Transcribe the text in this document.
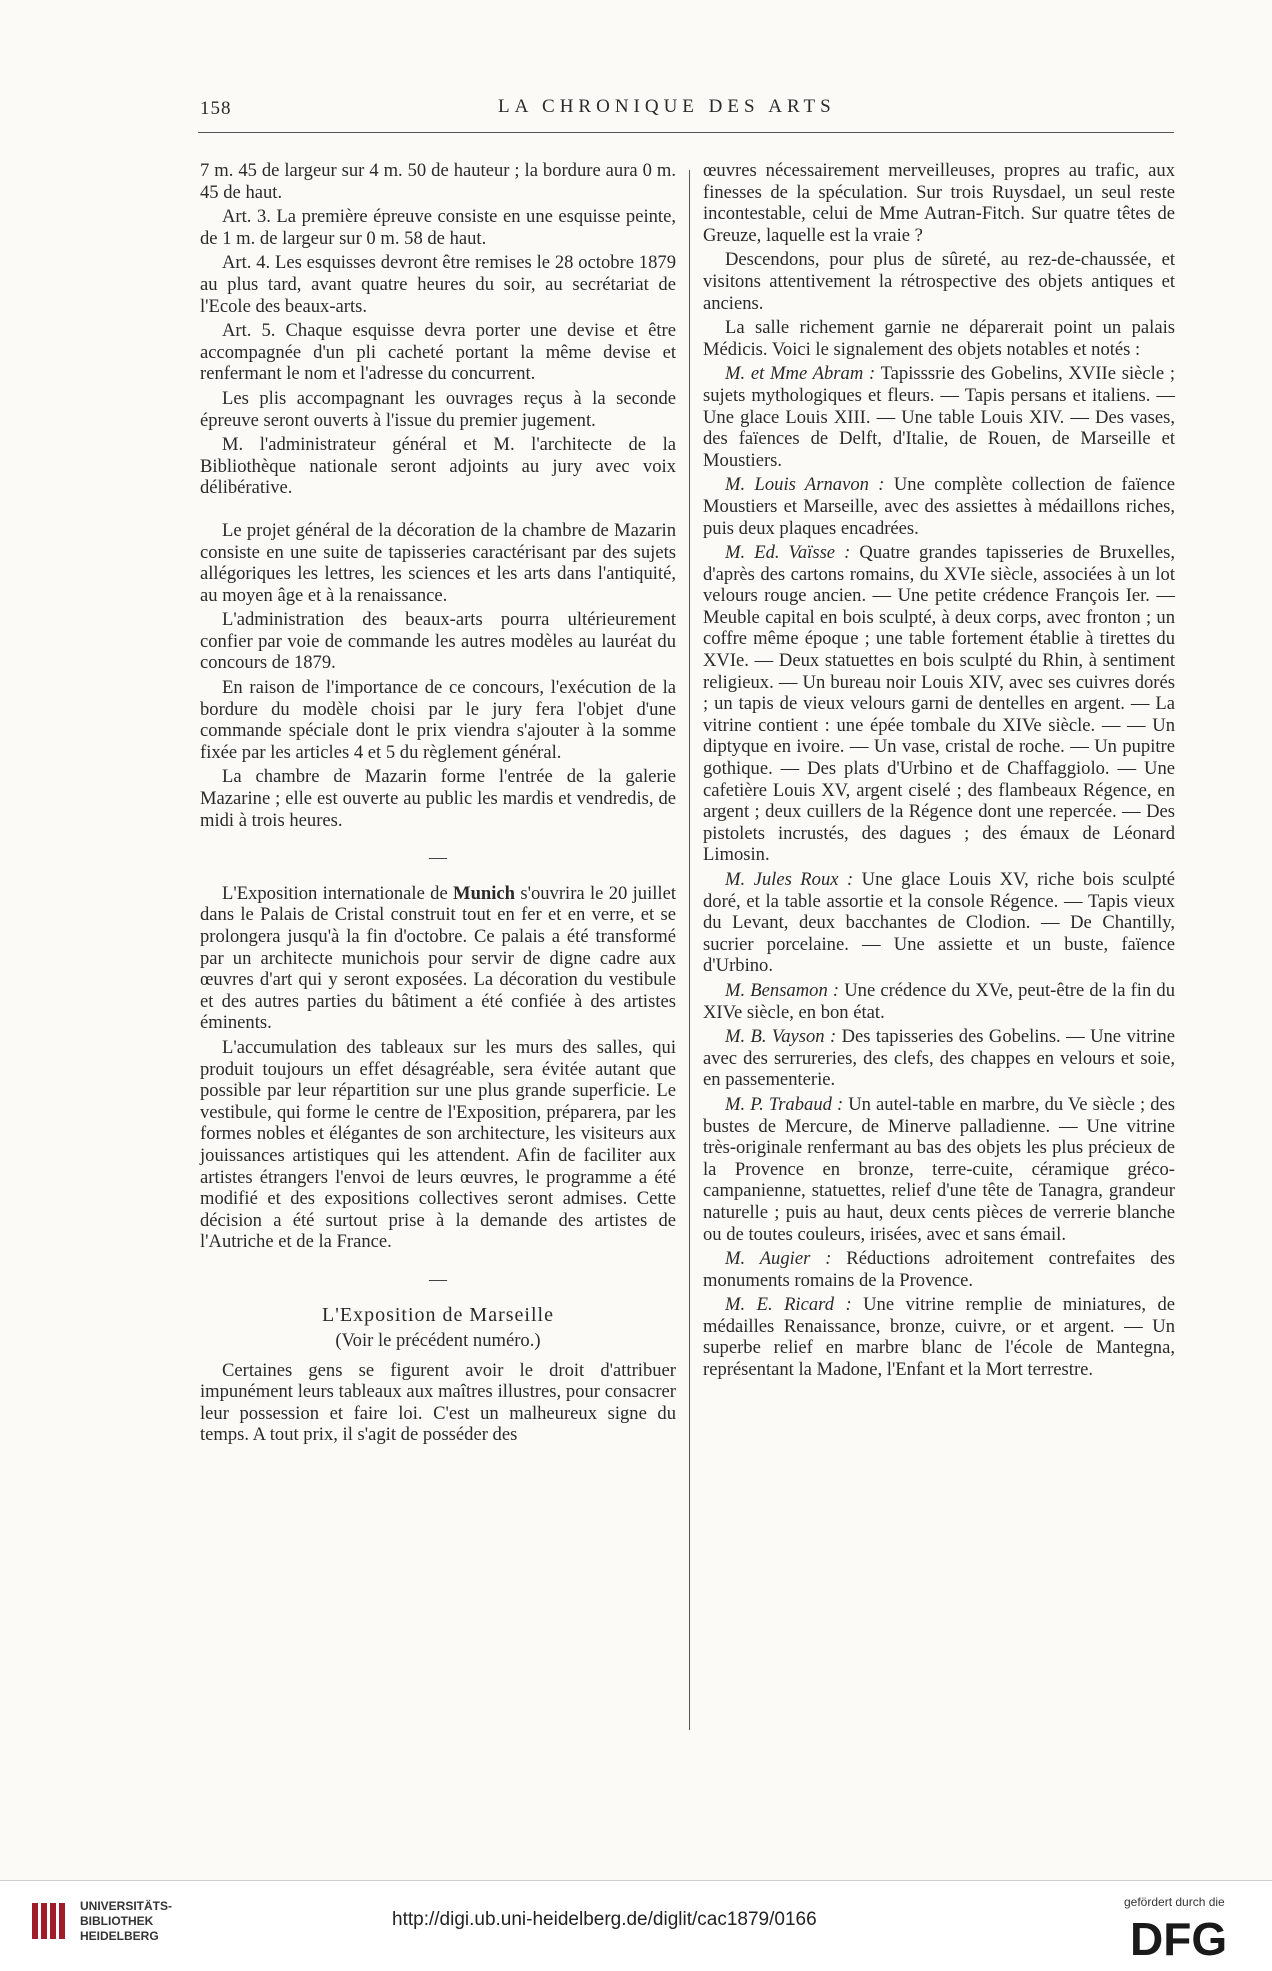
158	LA CHRONIQUE DES ARTS

7 m. 45 de largeur sur 4 m. 50 de hauteur ; la bordure aura 0 m. 45 de haut.

Art. 3. La première épreuve consiste en une esquisse peinte, de 1 m. de largeur sur 0 m. 58 de haut.

Art. 4. Les esquisses devront être remises le 28 octobre 1879 au plus tard, avant quatre heures du soir, au secrétariat de l'Ecole des beaux-arts.

Art. 5. Chaque esquisse devra porter une devise et être accompagnée d'un pli cacheté portant la même devise et renfermant le nom et l'adresse du concurrent.

Les plis accompagnant les ouvrages reçus à la seconde épreuve seront ouverts à l'issue du premier jugement.

M. l'administrateur général et M. l'architecte de la Bibliothèque nationale seront adjoints au jury avec voix délibérative.

Le projet général de la décoration de la chambre de Mazarin consiste en une suite de tapisseries caractérisant par des sujets allégoriques les lettres, les sciences et les arts dans l'antiquité, au moyen âge et à la renaissance.

L'administration des beaux-arts pourra ultérieurement confier par voie de commande les autres modèles au lauréat du concours de 1879.

En raison de l'importance de ce concours, l'exécution de la bordure du modèle choisi par le jury fera l'objet d'une commande spéciale dont le prix viendra s'ajouter à la somme fixée par les articles 4 et 5 du règlement général.

La chambre de Mazarin forme l'entrée de la galerie Mazarine ; elle est ouverte au public les mardis et vendredis, de midi à trois heures.

—

L'Exposition internationale de Munich s'ouvrira le 20 juillet dans le Palais de Cristal construit tout en fer et en verre, et se prolongera jusqu'à la fin d'octobre. Ce palais a été transformé par un architecte munichois pour servir de digne cadre aux œuvres d'art qui y seront exposées. La décoration du vestibule et des autres parties du bâtiment a été confiée à des artistes éminents.

L'accumulation des tableaux sur les murs des salles, qui produit toujours un effet désagréable, sera évitée autant que possible par leur répartition sur une plus grande superficie. Le vestibule, qui forme le centre de l'Exposition, préparera, par les formes nobles et élégantes de son architecture, les visiteurs aux jouissances artistiques qui les attendent. Afin de faciliter aux artistes étrangers l'envoi de leurs œuvres, le programme a été modifié et des expositions collectives seront admises. Cette décision a été surtout prise à la demande des artistes de l'Autriche et de la France.

—
L'Exposition de Marseille
(Voir le précédent numéro.)

Certaines gens se figurent avoir le droit d'attribuer impunément leurs tableaux aux maîtres illustres, pour consacrer leur possession et faire loi. C'est un malheureux signe du temps. A tout prix, il s'agit de posséder des

œuvres nécessairement merveilleuses, propres au trafic, aux finesses de la spéculation. Sur trois Ruysdael, un seul reste incontestable, celui de Mme Autran-Fitch. Sur quatre têtes de Greuze, laquelle est la vraie ?

Descendons, pour plus de sûreté, au rez-de-chaussée, et visitons attentivement la rétrospective des objets antiques et anciens.

La salle richement garnie ne déparerait point un palais Médicis. Voici le signalement des objets notables et notés :

M. et Mme Abram : Tapisssrie des Gobelins, XVIIe siècle ; sujets mythologiques et fleurs. — Tapis persans et italiens. — Une glace Louis XIII. — Une table Louis XIV. — Des vases, des faïences de Delft, d'Italie, de Rouen, de Marseille et Moustiers.

M. Louis Arnavon : Une complète collection de faïence Moustiers et Marseille, avec des assiettes à médaillons riches, puis deux plaques encadrées.

M. Ed. Vaïsse : Quatre grandes tapisseries de Bruxelles, d'après des cartons romains, du XVIe siècle, associées à un lot velours rouge ancien. — Une petite crédence François Ier. — Meuble capital en bois sculpté, à deux corps, avec fronton ; un coffre même époque ; une table fortement établie à tirettes du XVIe. — Deux statuettes en bois sculpté du Rhin, à sentiment religieux. — Un bureau noir Louis XIV, avec ses cuivres dorés ; un tapis de vieux velours garni de dentelles en argent. — La vitrine contient : une épée tombale du XIVe siècle. — — Un diptyque en ivoire. — Un vase, cristal de roche. — Un pupitre gothique. — Des plats d'Urbino et de Chaffaggiolo. — Une cafetière Louis XV, argent ciselé ; des flambeaux Régence, en argent ; deux cuillers de la Régence dont une repercée. — Des pistolets incrustés, des dagues ; des émaux de Léonard Limosin.

M. Jules Roux : Une glace Louis XV, riche bois sculpté doré, et la table assortie et la console Régence. — Tapis vieux du Levant, deux bacchantes de Clodion. — De Chantilly, sucrier porcelaine. — Une assiette et un buste, faïence d'Urbino.

M. Bensamon : Une crédence du XVe, peut-être de la fin du XIVe siècle, en bon état.

M. B. Vayson : Des tapisseries des Gobelins. — Une vitrine avec des serrureries, des clefs, des chappes en velours et soie, en passementerie.

M. P. Trabaud : Un autel-table en marbre, du Ve siècle ; des bustes de Mercure, de Minerve palladienne. — Une vitrine très-originale renfermant au bas des objets les plus précieux de la Provence en bronze, terre-cuite, céramique gréco-campanienne, statuettes, relief d'une tête de Tanagra, grandeur naturelle ; puis au haut, deux cents pièces de verrerie blanche ou de toutes couleurs, irisées, avec et sans émail.

M. Augier : Réductions adroitement contrefaites des monuments romains de la Provence.

M. E. Ricard : Une vitrine remplie de miniatures, de médailles Renaissance, bronze, cuivre, or et argent. — Un superbe relief en marbre blanc de l'école de Mantegna, représentant la Madone, l'Enfant et la Mort terrestre.

UNIVERSITÄTS-
BIBLIOTHEK
HEIDELBERG
http://digi.ub.uni-heidelberg.de/diglit/cac1879/0166
gefördert durch die
DFG
